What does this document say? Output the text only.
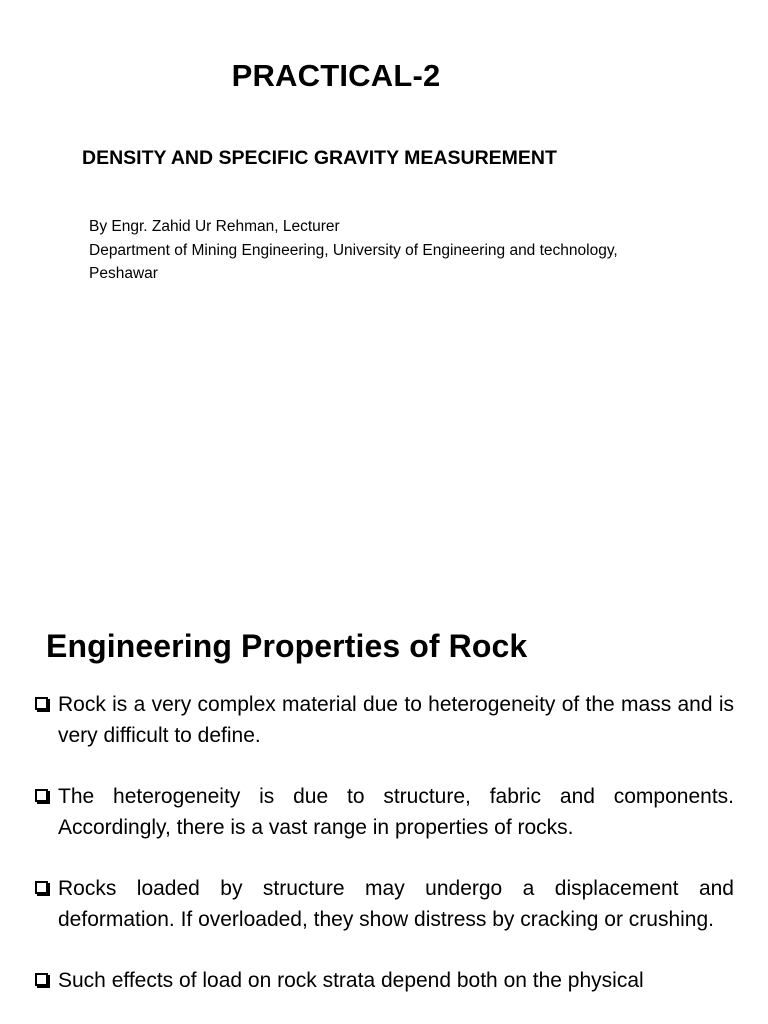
PRACTICAL-2
DENSITY AND SPECIFIC GRAVITY MEASUREMENT
By Engr. Zahid Ur Rehman, Lecturer
Department of Mining Engineering, University of Engineering and technology,
Peshawar
Engineering Properties of Rock
Rock is a very complex material due to heterogeneity of the mass and is very difficult to define.
The heterogeneity is due to structure, fabric and components. Accordingly, there is a vast range in properties of rocks.
Rocks loaded by structure may undergo a displacement and deformation. If overloaded, they show distress by cracking or crushing.
Such effects of load on rock strata depend both on the physical
